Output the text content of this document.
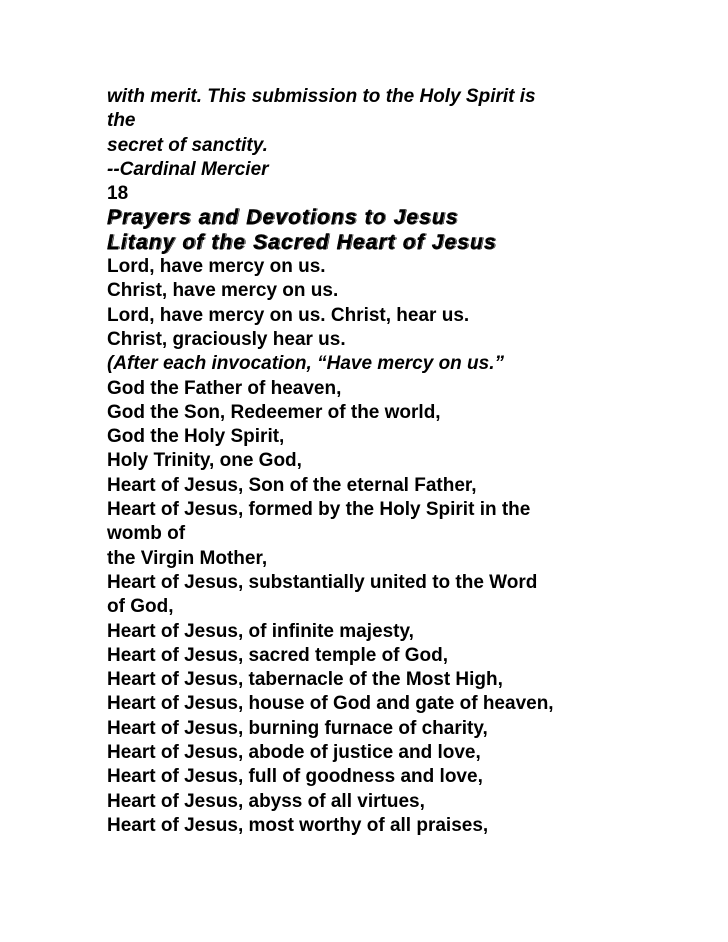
with merit. This submission to the Holy Spirit is
the
secret of sanctity.
--Cardinal Mercier
18
Prayers and Devotions to Jesus
Litany of the Sacred Heart of Jesus
Lord, have mercy on us.
Christ, have mercy on us.
Lord, have mercy on us. Christ, hear us.
Christ, graciously hear us.
(After each invocation, “Have mercy on us.”
God the Father of heaven,
God the Son, Redeemer of the world,
God the Holy Spirit,
Holy Trinity, one God,
Heart of Jesus, Son of the eternal Father,
Heart of Jesus, formed by the Holy Spirit in the
womb of
the Virgin Mother,
Heart of Jesus, substantially united to the Word
of God,
Heart of Jesus, of infinite majesty,
Heart of Jesus, sacred temple of God,
Heart of Jesus, tabernacle of the Most High,
Heart of Jesus, house of God and gate of heaven,
Heart of Jesus, burning furnace of charity,
Heart of Jesus, abode of justice and love,
Heart of Jesus, full of goodness and love,
Heart of Jesus, abyss of all virtues,
Heart of Jesus, most worthy of all praises,
